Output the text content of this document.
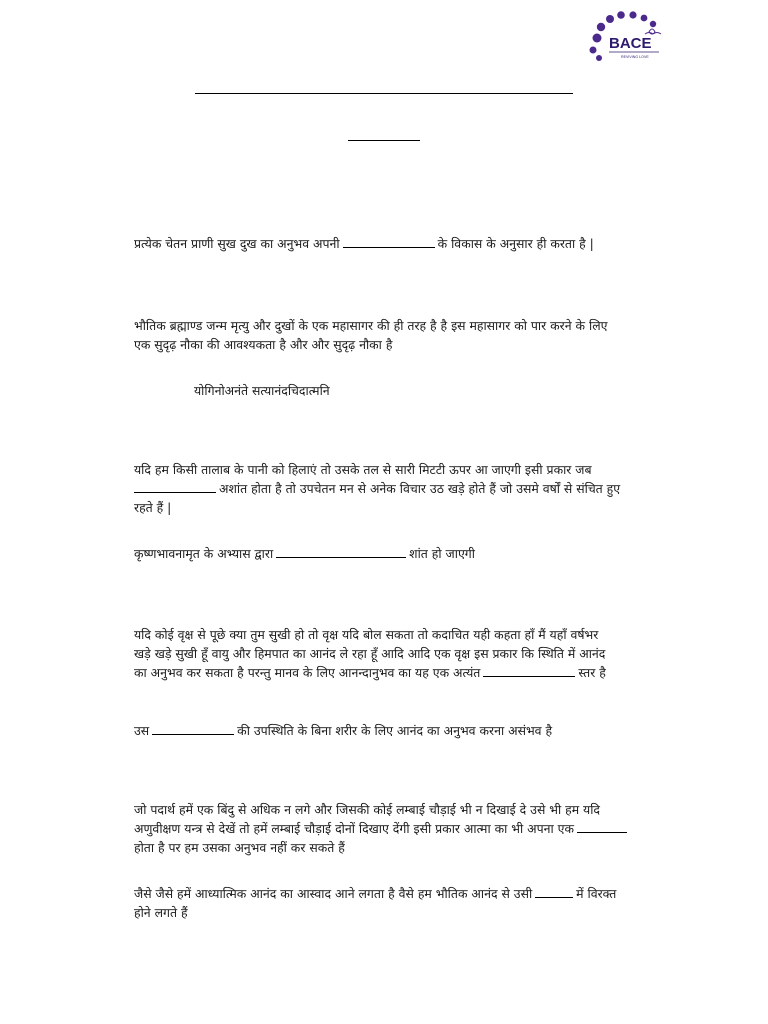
BACE
REVIVING LOVE
प्रत्येक चेतन प्राणी सुख दुख का अनुभव अपनी	के विकास के अनुसार ही करता है |
भौतिक ब्रह्माण्ड जन्म मृत्यु और दुखों के एक महासागर की ही तरह है है इस महासागर को पार करने के लिए
एक सुदृढ़ नौका की आवश्यकता है और और सुदृढ़ नौका है
योगिनोअनंते सत्यानंदचिदात्मनि
यदि हम किसी तालाब के पानी को हिलाएं तो उसके तल से सारी मिटटी ऊपर आ जाएगी इसी प्रकार जब
अशांत होता है तो उपचेतन मन से अनेक विचार उठ खड़े होते हैं जो उसमे वर्षों से संचित हुए
रहते हैं |
कृष्णभावनामृत के अभ्यास द्वारा	शांत हो जाएगी
यदि कोई वृक्ष से पूछे क्या तुम सुखी हो तो वृक्ष यदि बोल सकता तो कदाचित यही कहता हाँ मैं यहाँ वर्षभर
खड़े खड़े सुखी हूँ वायु और हिमपात का आनंद ले रहा हूँ आदि आदि एक वृक्ष इस प्रकार कि स्थिति में आनंद
का अनुभव कर सकता है परन्तु मानव के लिए आनन्दानुभव का यह एक अत्यंत	स्तर है
उस	की उपस्थिति के बिना शरीर के लिए आनंद का अनुभव करना असंभव है
जो पदार्थ हमें एक बिंदु से अधिक न लगे और जिसकी कोई लम्बाई चौड़ाई भी न दिखाई दे उसे भी हम यदि
अणुवीक्षण यन्त्र से देखें तो हमें लम्बाई चौड़ाई दोनों दिखाए देंगी इसी प्रकार आत्मा का भी अपना एक
होता है पर हम उसका अनुभव नहीं कर सकते हैं
जैसे जैसे हमें आध्यात्मिक आनंद का आस्वाद आने लगता है वैसे हम भौतिक आनंद से उसी	में विरक्त
होने लगते हैं
